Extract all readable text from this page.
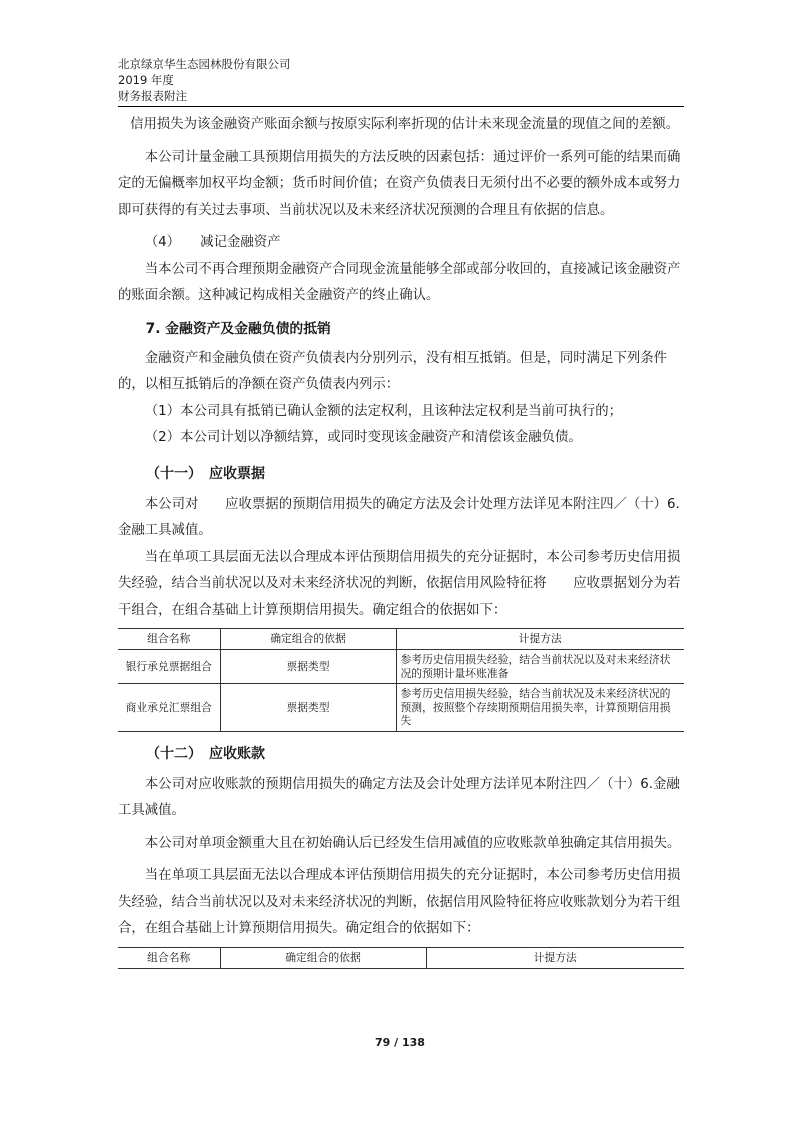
北京绿京华生态园林股份有限公司
2019 年度
财务报表附注

信用损失为该金融资产账面余额与按原实际利率折现的估计未来现金流量的现值之间的差额。

本公司计量金融工具预期信用损失的方法反映的因素包括：通过评价一系列可能的结果而确定的无偏概率加权平均金额；货币时间价值；在资产负债表日无须付出不必要的额外成本或努力即可获得的有关过去事项、当前状况以及未来经济状况预测的合理且有依据的信息。

（4）　　减记金融资产

当本公司不再合理预期金融资产合同现金流量能够全部或部分收回的，直接减记该金融资产的账面余额。这种减记构成相关金融资产的终止确认。

7. 金融资产及金融负债的抵销

金融资产和金融负债在资产负债表内分别列示，没有相互抵销。但是，同时满足下列条件的，以相互抵销后的净额在资产负债表内列示：

（1）本公司具有抵销已确认金额的法定权利，且该种法定权利是当前可执行的；

（2）本公司计划以净额结算，或同时变现该金融资产和清偿该金融负债。

（十一）　应收票据

本公司对　　应收票据的预期信用损失的确定方法及会计处理方法详见本附注四／（十）6.金融工具减值。

当在单项工具层面无法以合理成本评估预期信用损失的充分证据时，本公司参考历史信用损失经验，结合当前状况以及对未来经济状况的判断，依据信用风险特征将　　应收票据划分为若干组合，在组合基础上计算预期信用损失。确定组合的依据如下：

组合名称	确定组合的依据	计提方法
银行承兑票据组合	票据类型	参考历史信用损失经验，结合当前状况以及对未来经济状况的预期计量坏账准备
商业承兑汇票组合	票据类型	参考历史信用损失经验，结合当前状况及未来经济状况的预测，按照整个存续期预期信用损失率，计算预期信用损失

（十二）　应收账款

本公司对应收账款的预期信用损失的确定方法及会计处理方法详见本附注四／（十）6.金融工具减值。

本公司对单项金额重大且在初始确认后已经发生信用减值的应收账款单独确定其信用损失。

当在单项工具层面无法以合理成本评估预期信用损失的充分证据时，本公司参考历史信用损失经验，结合当前状况以及对未来经济状况的判断，依据信用风险特征将应收账款划分为若干组合，在组合基础上计算预期信用损失。确定组合的依据如下：

组合名称	确定组合的依据	计提方法
79 / 138
